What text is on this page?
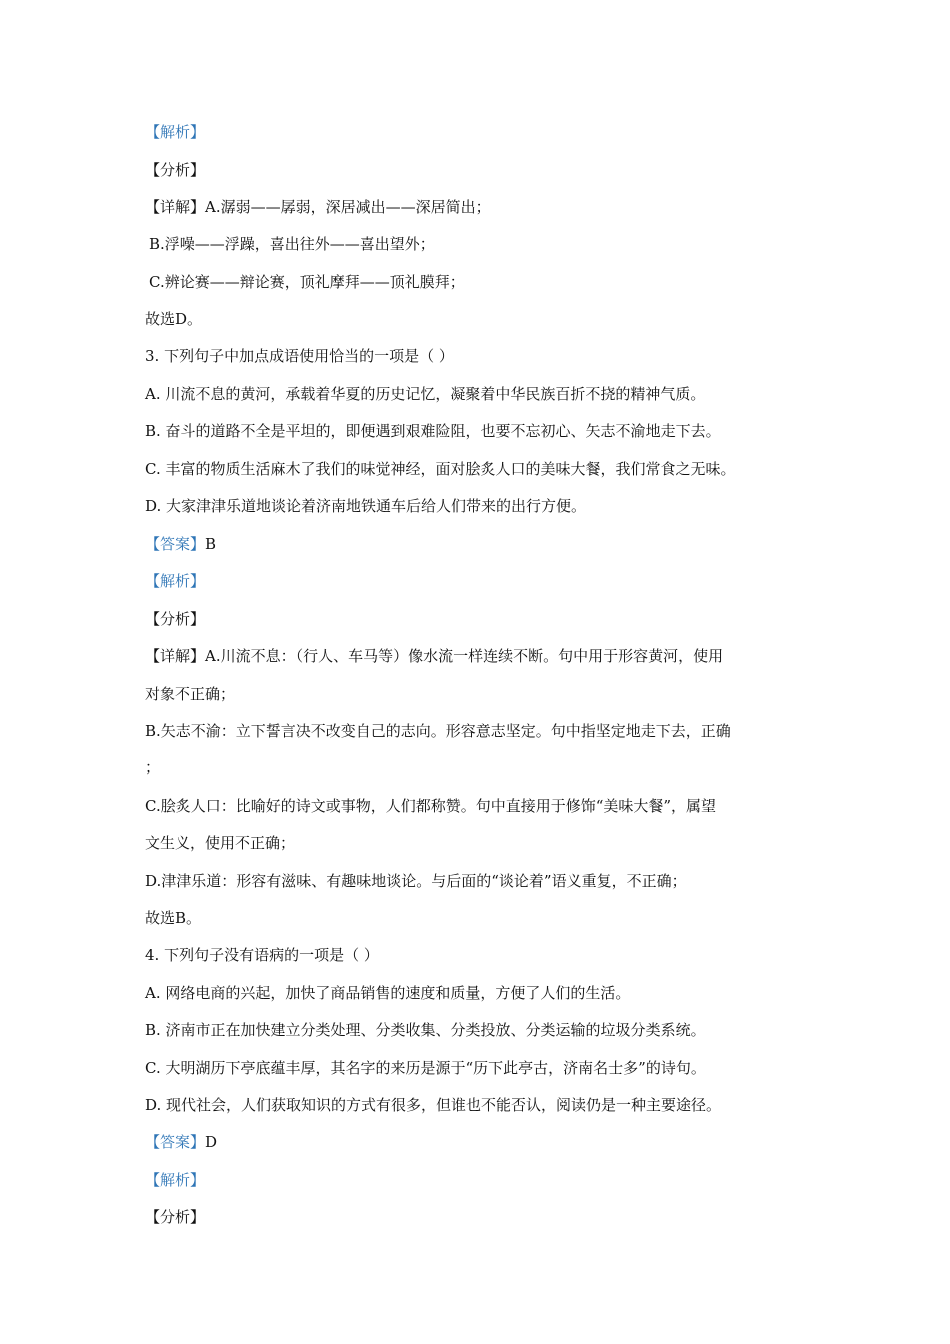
【解析】
【分析】
【详解】A.潺弱——孱弱，深居减出——深居简出；
B.浮噪——浮躁，喜出往外——喜出望外；
C.辨论赛——辩论赛，顶礼摩拜——顶礼膜拜；
故选D。
3. 下列句子中加点成语使用恰当的一项是（ ）
A. 川流不息的黄河，承载着华夏的历史记忆，凝聚着中华民族百折不挠的精神气质。
B. 奋斗的道路不全是平坦的，即便遇到艰难险阻，也要不忘初心、矢志不渝地走下去。
C. 丰富的物质生活麻木了我们的味觉神经，面对脍炙人口的美味大餐，我们常食之无味。
D. 大家津津乐道地谈论着济南地铁通车后给人们带来的出行方便。
【答案】B
【解析】
【分析】
【详解】A.川流不息：（行人、车马等）像水流一样连续不断。句中用于形容黄河，使用
对象不正确；
B.矢志不渝：立下誓言决不改变自己的志向。形容意志坚定。句中指坚定地走下去，正确
；
C.脍炙人口：比喻好的诗文或事物，人们都称赞。句中直接用于修饰“美味大餐”，属望
文生义，使用不正确；
D.津津乐道：形容有滋味、有趣味地谈论。与后面的“谈论着”语义重复，不正确；
故选B。
4. 下列句子没有语病的一项是（ ）
A. 网络电商的兴起，加快了商品销售的速度和质量，方便了人们的生活。
B. 济南市正在加快建立分类处理、分类收集、分类投放、分类运输的垃圾分类系统。
C. 大明湖历下亭底蕴丰厚，其名字的来历是源于“历下此亭古，济南名士多”的诗句。
D. 现代社会，人们获取知识的方式有很多，但谁也不能否认，阅读仍是一种主要途径。
【答案】D
【解析】
【分析】
